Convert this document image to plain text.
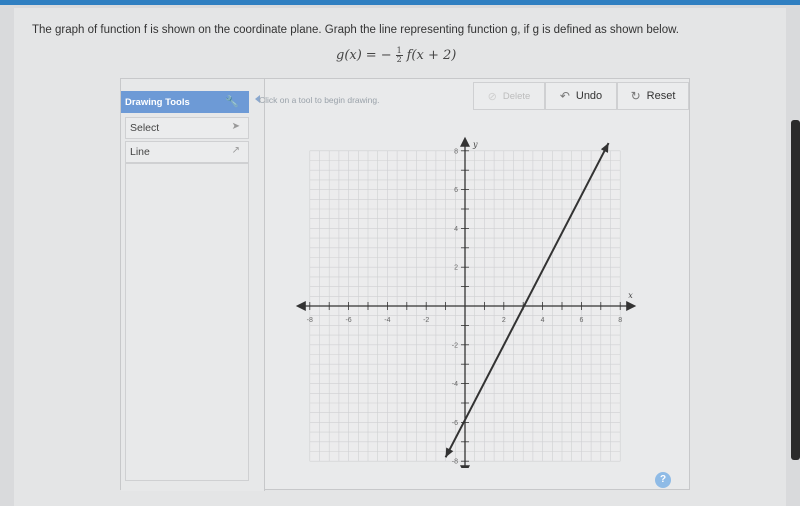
The graph of function f is shown on the coordinate plane. Graph the line representing function g, if g is defined as shown below.
g(x) = − $\frac{1}{2} f(x + 2)$
Drawing Tools	🔧
Select	➤
Line	↗
Click on a tool to begin drawing.	⊘ Delete ↶ Undo ↻ Reset
-8	-6	-4	-2	2	4	6	8
-8
-6
-4
-2
2
4
6
8
x
y
?
